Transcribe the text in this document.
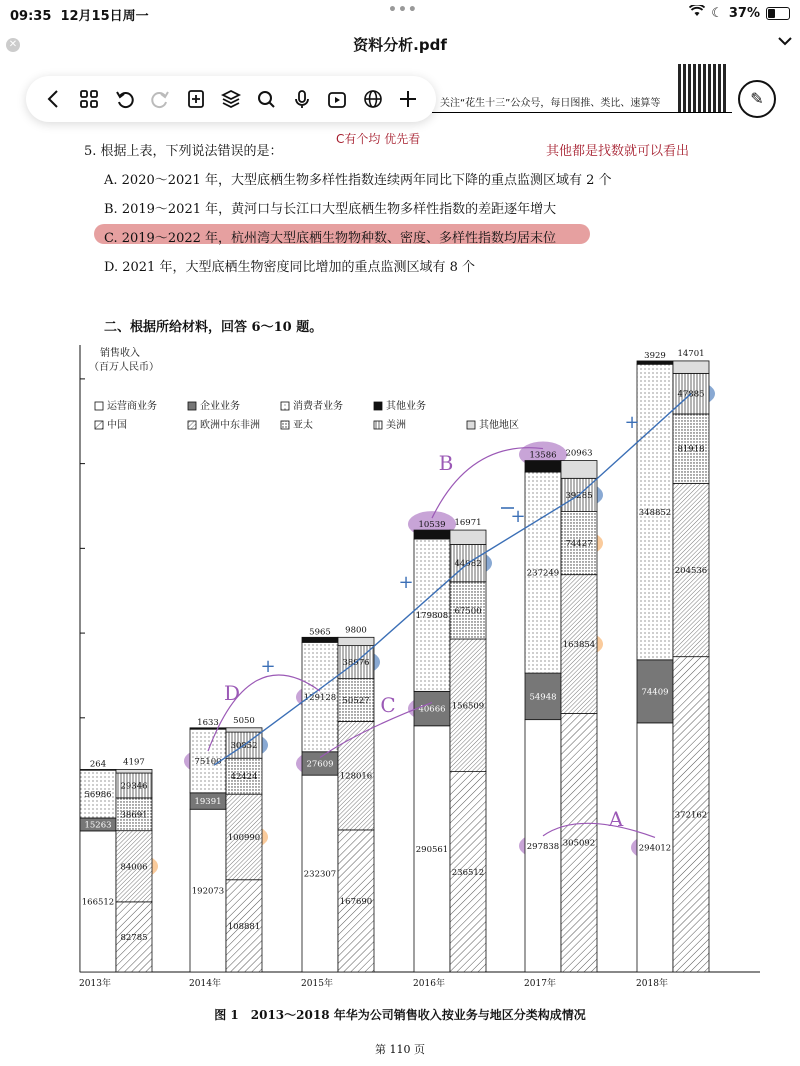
09:35 12月15日周一	•••	☾ 37%
✕	资料分析.pdf
关注“花生十三”公众号，每日图推、类比、速算等	✎
5. 根据上表，下列说法错误的是：
A. 2020～2021 年，大型底栖生物多样性指数连续两年同比下降的重点监测区域有 2 个
B. 2019～2021 年，黄河口与长江口大型底栖生物多样性指数的差距逐年增大
C. 2019～2022 年，杭州湾大型底栖生物物种数、密度、多样性指数均居末位
D. 2021 年，大型底栖生物密度同比增加的重点监测区域有 8 个
C有个均 优先看
其他都是找数就可以看出
二、根据所给材料，回答 6～10 题。
销售收入
（百万人民币）
运营商业务	企业业务	消费者业务	其他业务
中国	欧洲中东非洲	亚太	美洲	其他地区
166512
15263
56986
264
82785
84006
38691
29346
4197
2013年
192073
19391
75100
1633
108881
100990
42424
30852
5050
2014年
232307
27609
129128
5965
167690
128016
50527
38976
9800
2015年
290561
40666
179808
10539
236512
156509
67500
44082
16971
2016年
297838
54948
237249
13586
305092
163854
74427
39285
20963
2017年
294012
74409
348852
3929
372162
204536
81918
47885
14701
2018年
A
B
C
D
+
+
+
+
-
图 1　2013～2018 年华为公司销售收入按业务与地区分类构成情况
第 110 页
